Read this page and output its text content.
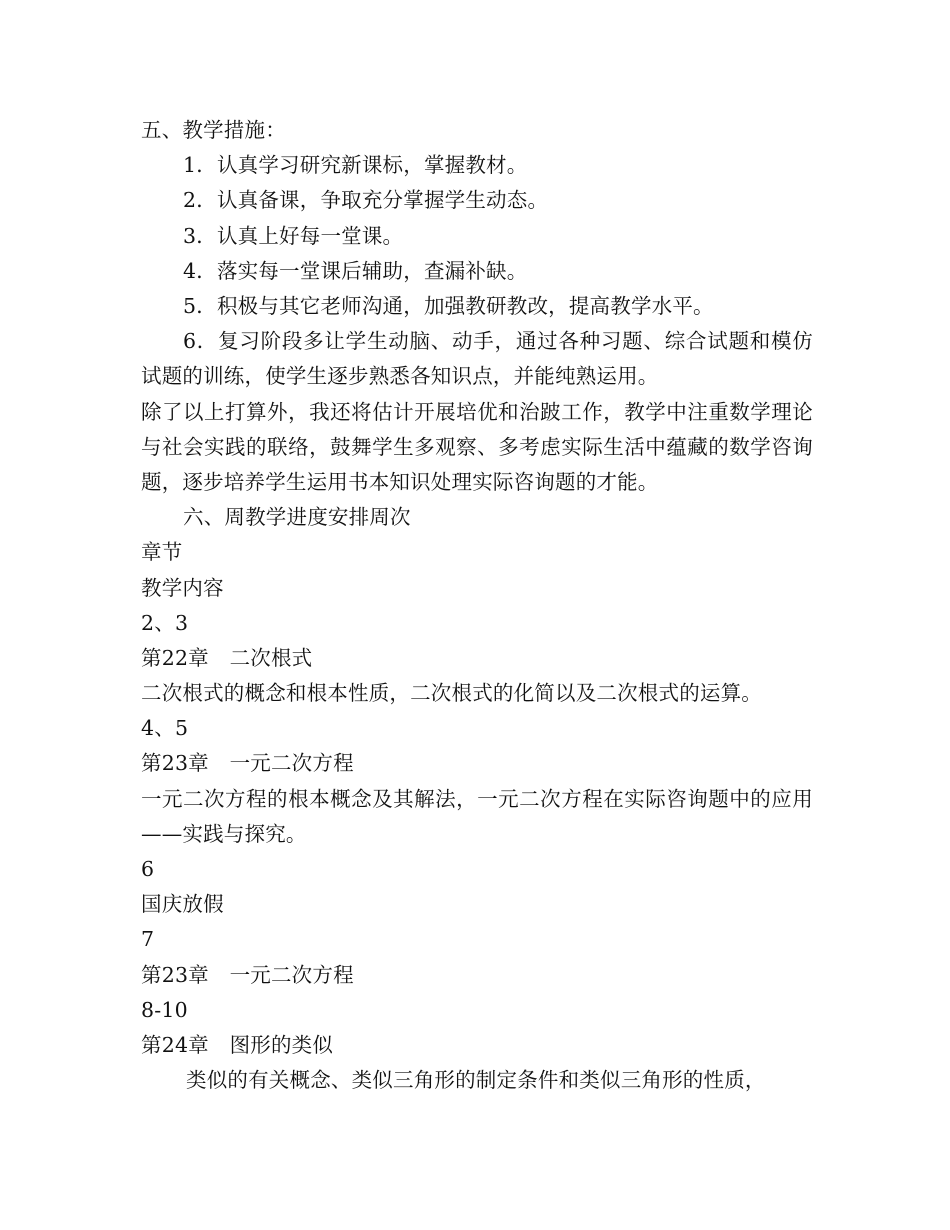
五、教学措施：
1．认真学习研究新课标，掌握教材。
2．认真备课，争取充分掌握学生动态。
3．认真上好每一堂课。
4．落实每一堂课后辅助，查漏补缺。
5．积极与其它老师沟通，加强教研教改，提高教学水平。
6．复习阶段多让学生动脑、动手，通过各种习题、综合试题和模仿试题的训练，使学生逐步熟悉各知识点，并能纯熟运用。
除了以上打算外，我还将估计开展培优和治跛工作，教学中注重数学理论与社会实践的联络，鼓舞学生多观察、多考虑实际生活中蕴藏的数学咨询题，逐步培养学生运用书本知识处理实际咨询题的才能。
六、周教学进度安排周次
章节
教学内容
2、3
第22章　二次根式
二次根式的概念和根本性质，二次根式的化简以及二次根式的运算。
4、5
第23章　一元二次方程
一元二次方程的根本概念及其解法，一元二次方程在实际咨询题中的应用——实践与探究。
6
国庆放假
7
第23章　一元二次方程
8-10
第24章　图形的类似
类似的有关概念、类似三角形的制定条件和类似三角形的性质，
